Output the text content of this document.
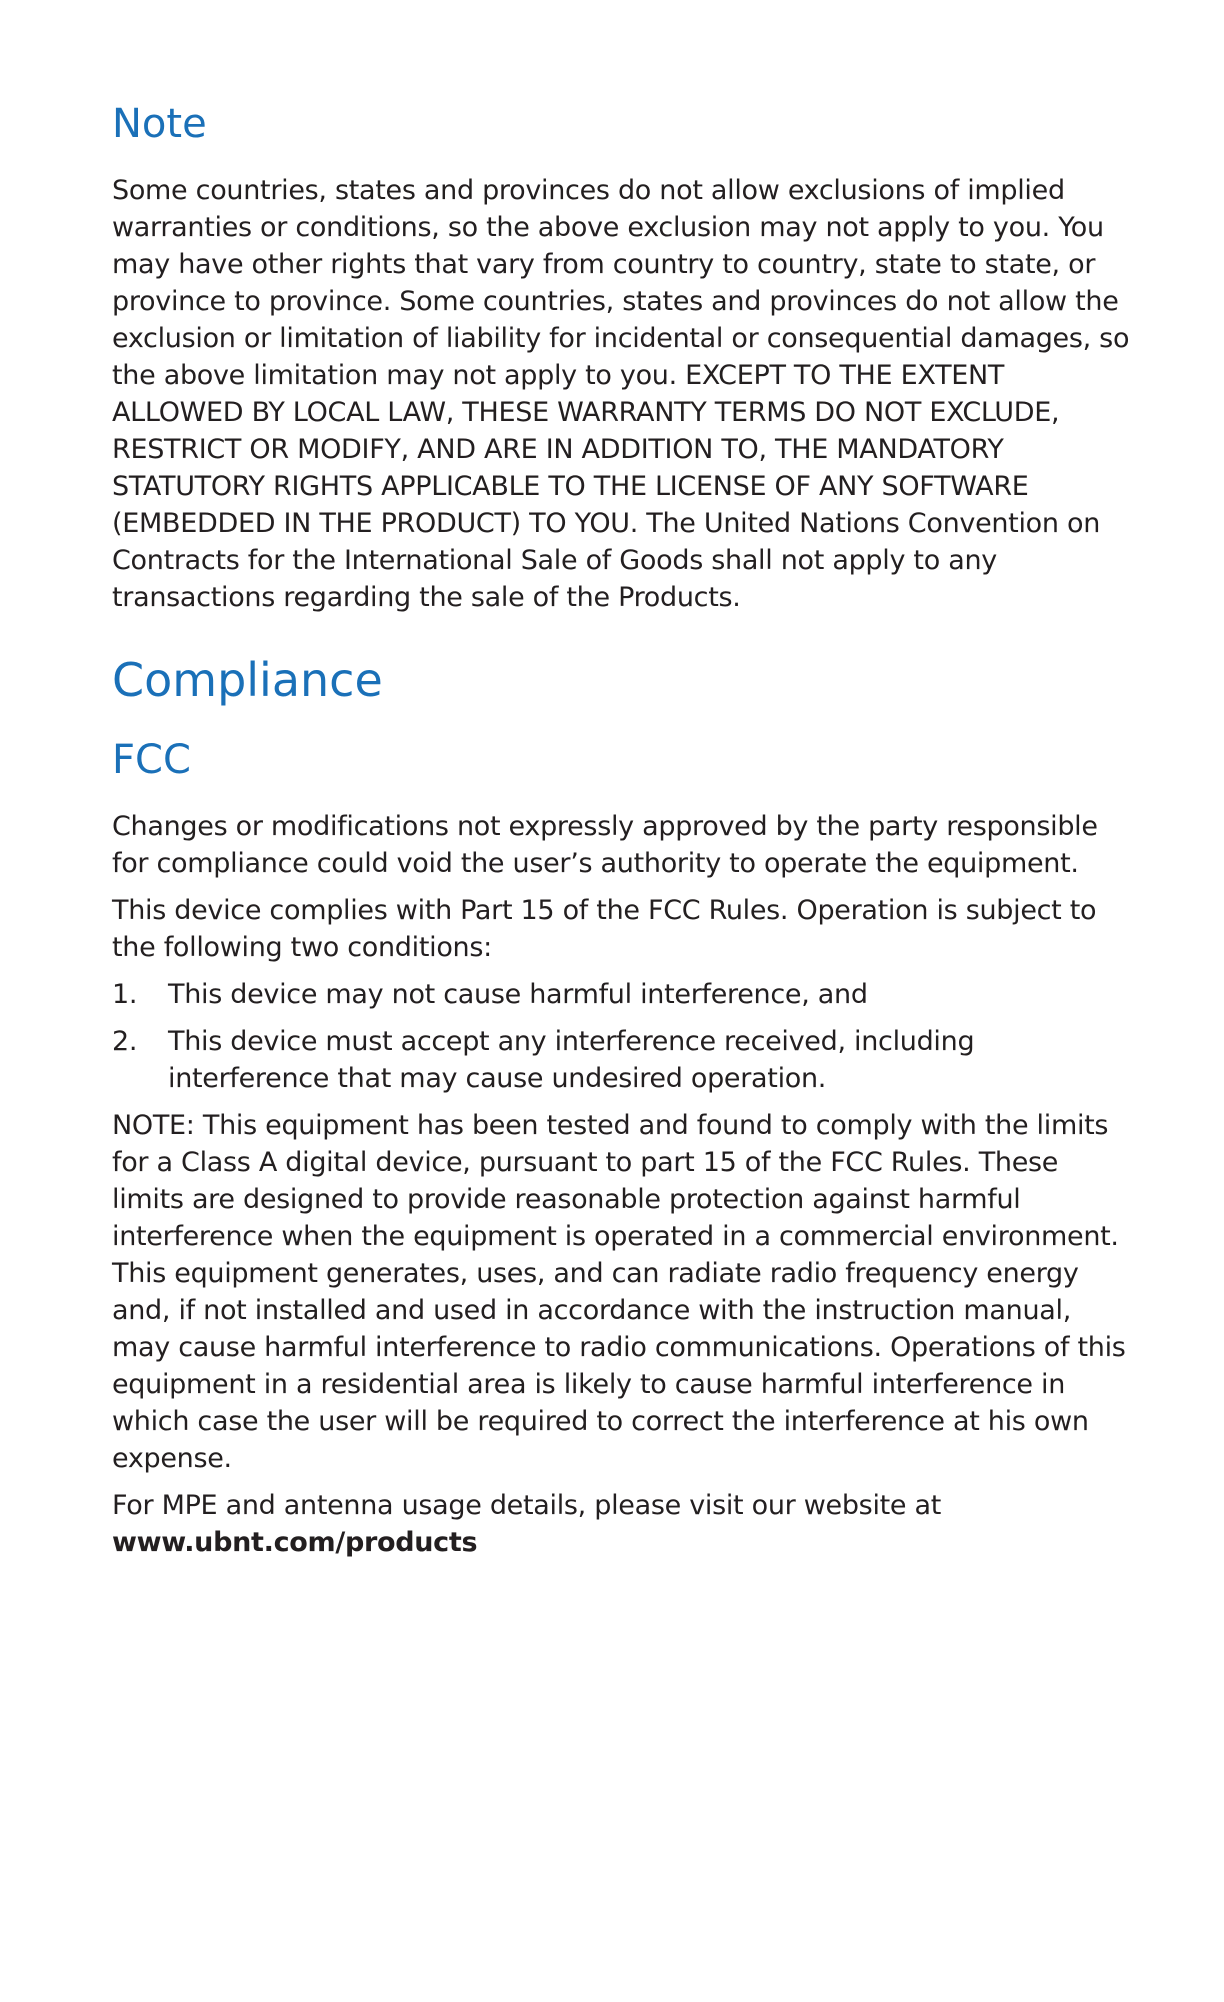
Note

Some countries, states and provinces do not allow exclusions of implied warranties or conditions, so the above exclusion may not apply to you. You may have other rights that vary from country to country, state to state, or province to province. Some countries, states and provinces do not allow the exclusion or limitation of liability for incidental or consequential damages, so the above limitation may not apply to you. EXCEPT TO THE EXTENT ALLOWED BY LOCAL LAW, THESE WARRANTY TERMS DO NOT EXCLUDE, RESTRICT OR MODIFY, AND ARE IN ADDITION TO, THE MANDATORY STATUTORY RIGHTS APPLICABLE TO THE LICENSE OF ANY SOFTWARE (EMBEDDED IN THE PRODUCT) TO YOU. The United Nations Convention on Contracts for the International Sale of Goods shall not apply to any transactions regarding the sale of the Products.

Compliance
FCC

Changes or modifications not expressly approved by the party responsible for compliance could void the user’s authority to operate the equipment.

This device complies with Part 15 of the FCC Rules. Operation is subject to the following two conditions:

1. This device may not cause harmful interference, and
2. This device must accept any interference received, including interference that may cause undesired operation.

NOTE: This equipment has been tested and found to comply with the limits for a Class A digital device, pursuant to part 15 of the FCC Rules. These limits are designed to provide reasonable protection against harmful interference when the equipment is operated in a commercial environment. This equipment generates, uses, and can radiate radio frequency energy and, if not installed and used in accordance with the instruction manual, may cause harmful interference to radio communications. Operations of this equipment in a residential area is likely to cause harmful interference in which case the user will be required to correct the interference at his own expense.

For MPE and antenna usage details, please visit our website at
www.ubnt.com/products
